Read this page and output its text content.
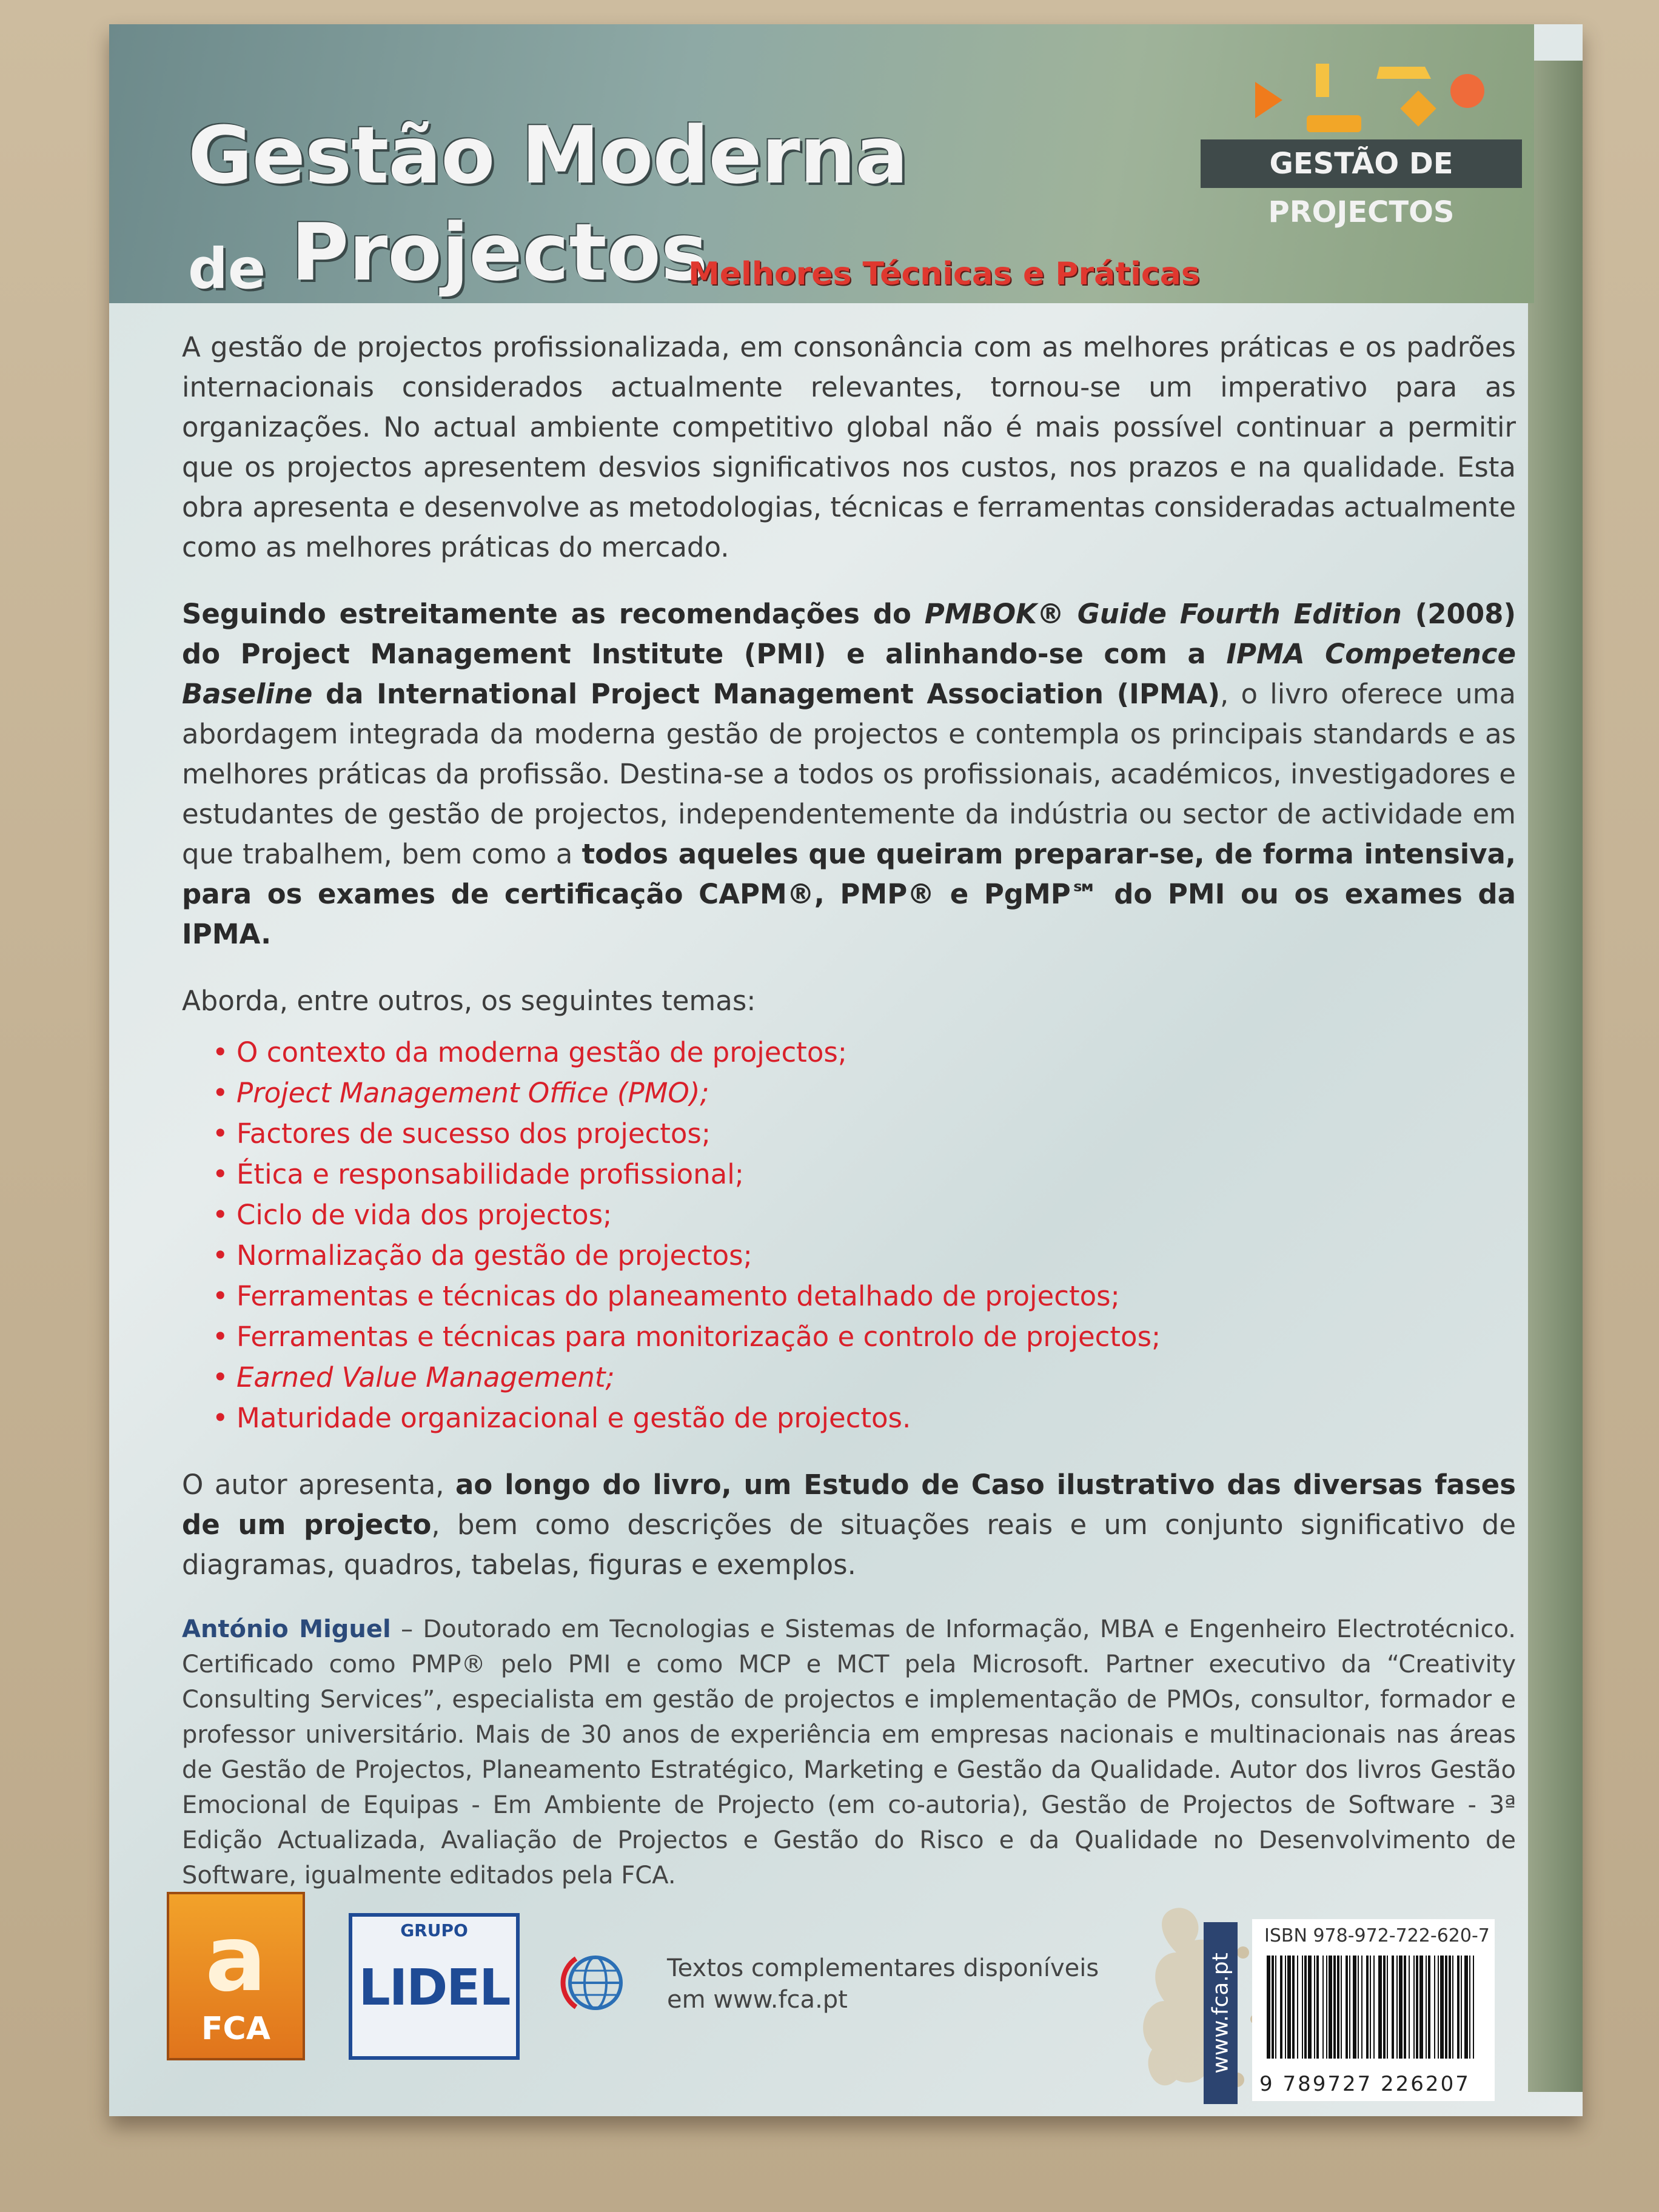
GESTÃO DE PROJECTOS
Gestão Moderna
de Projectos
Melhores Técnicas e Práticas

A gestão de projectos profissionalizada, em consonância com as melhores práticas e os padrões internacionais considerados actualmente relevantes, tornou-se um imperativo para as organizações. No actual ambiente competitivo global não é mais possível continuar a permitir que os projectos apresentem desvios significativos nos custos, nos prazos e na qualidade. Esta obra apresenta e desenvolve as metodologias, técnicas e ferramentas consideradas actualmente como as melhores práticas do mercado.

Seguindo estreitamente as recomendações do PMBOK® Guide Fourth Edition (2008) do Project Management Institute (PMI) e alinhando-se com a IPMA Competence Baseline da International Project Management Association (IPMA), o livro oferece uma abordagem integrada da moderna gestão de projectos e contempla os principais standards e as melhores práticas da profissão. Destina-se a todos os profissionais, académicos, investigadores e estudantes de gestão de projectos, independentemente da indústria ou sector de actividade em que trabalhem, bem como a todos aqueles que queiram preparar-se, de forma intensiva, para os exames de certificação CAPM®, PMP® e PgMP℠ do PMI ou os exames da IPMA.

Aborda, entre outros, os seguintes temas:
• O contexto da moderna gestão de projectos;
• Project Management Office (PMO);
• Factores de sucesso dos projectos;
• Ética e responsabilidade profissional;
• Ciclo de vida dos projectos;
• Normalização da gestão de projectos;
• Ferramentas e técnicas do planeamento detalhado de projectos;
• Ferramentas e técnicas para monitorização e controlo de projectos;
• Earned Value Management;
• Maturidade organizacional e gestão de projectos.

O autor apresenta, ao longo do livro, um Estudo de Caso ilustrativo das diversas fases de um projecto, bem como descrições de situações reais e um conjunto significativo de diagramas, quadros, tabelas, figuras e exemplos.

António Miguel – Doutorado em Tecnologias e Sistemas de Informação, MBA e Engenheiro Electrotécnico. Certificado como PMP® pelo PMI e como MCP e MCT pela Microsoft. Partner executivo da “Creativity Consulting Services”, especialista em gestão de projectos e implementação de PMOs, consultor, formador e professor universitário. Mais de 30 anos de experiência em empresas nacionais e multinacionais nas áreas de Gestão de Projectos, Planeamento Estratégico, Marketing e Gestão da Qualidade. Autor dos livros Gestão Emocional de Equipas - Em Ambiente de Projecto (em co-autoria), Gestão de Projectos de Software - 3ª Edição Actualizada, Avaliação de Projectos e Gestão do Risco e da Qualidade no Desenvolvimento de Software, igualmente editados pela FCA.

a
FCA
GRUPO
LIDEL	Textos complementares disponíveis
em www.fca.pt	www.fca.pt
ISBN 978-972-722-620-7
9 789727 226207
